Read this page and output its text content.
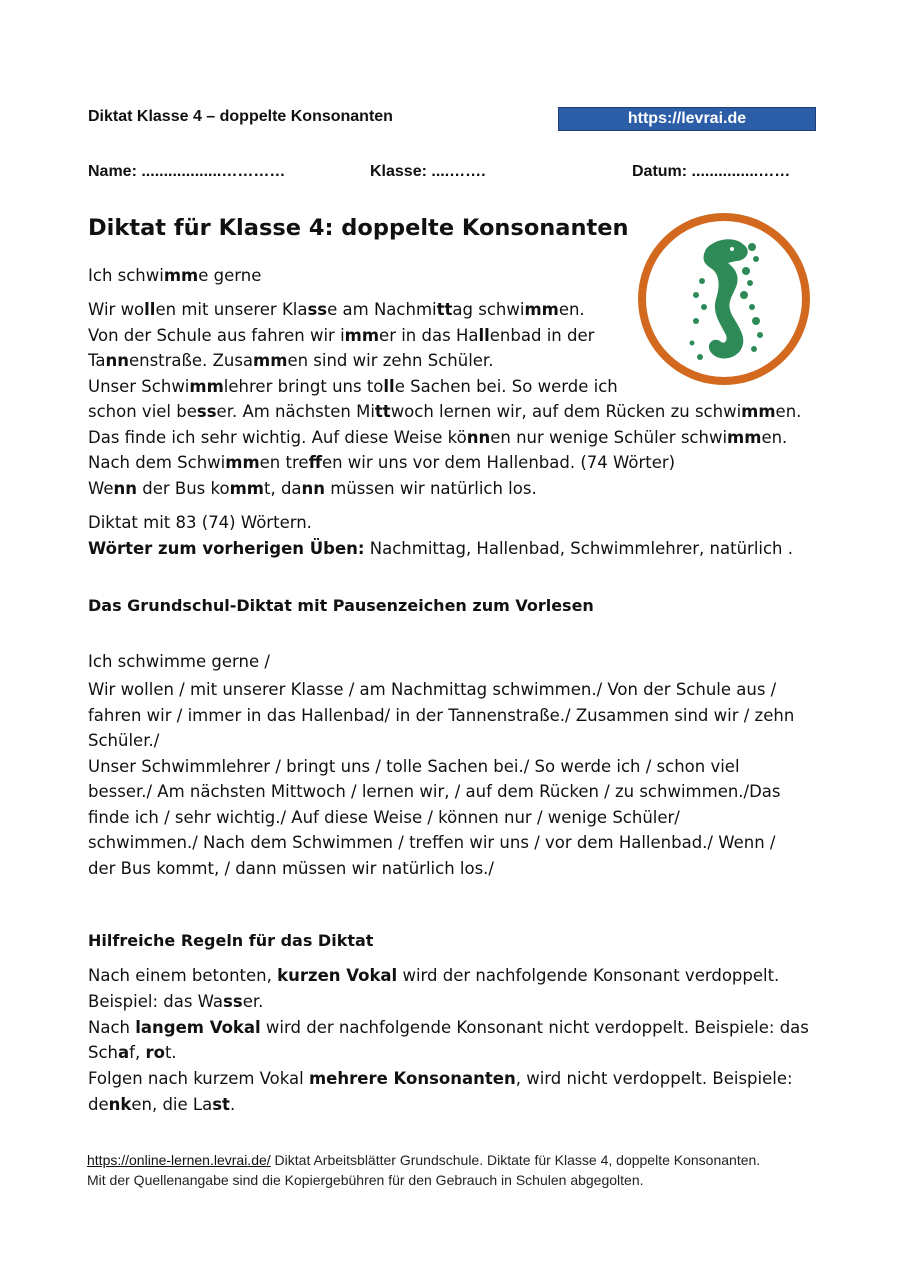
Diktat Klasse 4 – doppelte Konsonanten	https://levrai.de
Name: ..................…………	Klasse: ....…….	Datum: ...............……
Diktat für Klasse 4: doppelte Konsonanten
Ich schwimme gerne
Wir wollen mit unserer Klasse am Nachmittag schwimmen.
Von der Schule aus fahren wir immer in das Hallenbad in der
Tannenstraße. Zusammen sind wir zehn Schüler.
Unser Schwimmlehrer bringt uns tolle Sachen bei. So werde ich
schon viel besser. Am nächsten Mittwoch lernen wir, auf dem Rücken zu schwimmen.
Das finde ich sehr wichtig. Auf diese Weise können nur wenige Schüler schwimmen.
Nach dem Schwimmen treffen wir uns vor dem Hallenbad. (74 Wörter)
Wenn der Bus kommt, dann müssen wir natürlich los.
Diktat mit 83 (74) Wörtern.
Wörter zum vorherigen Üben: Nachmittag, Hallenbad, Schwimmlehrer, natürlich .
Das Grundschul-Diktat mit Pausenzeichen zum Vorlesen
Ich schwimme gerne /
Wir wollen / mit unserer Klasse / am Nachmittag schwimmen./ Von der Schule aus /
fahren wir / immer in das Hallenbad/ in der Tannenstraße./ Zusammen sind wir / zehn
Schüler./
Unser Schwimmlehrer / bringt uns / tolle Sachen bei./ So werde ich / schon viel
besser./ Am nächsten Mittwoch / lernen wir, / auf dem Rücken / zu schwimmen./Das
finde ich / sehr wichtig./ Auf diese Weise / können nur / wenige Schüler/
schwimmen./ Nach dem Schwimmen / treffen wir uns / vor dem Hallenbad./ Wenn /
der Bus kommt, / dann müssen wir natürlich los./
Hilfreiche Regeln für das Diktat
Nach einem betonten, kurzen Vokal wird der nachfolgende Konsonant verdoppelt.
Beispiel: das Wasser.
Nach langem Vokal wird der nachfolgende Konsonant nicht verdoppelt. Beispiele: das
Schaf, rot.
Folgen nach kurzem Vokal mehrere Konsonanten, wird nicht verdoppelt. Beispiele:
denken, die Last.
https://online-lernen.levrai.de/ Diktat Arbeitsblätter Grundschule. Diktate für Klasse 4, doppelte Konsonanten.
Mit der Quellenangabe sind die Kopiergebühren für den Gebrauch in Schulen abgegolten.
